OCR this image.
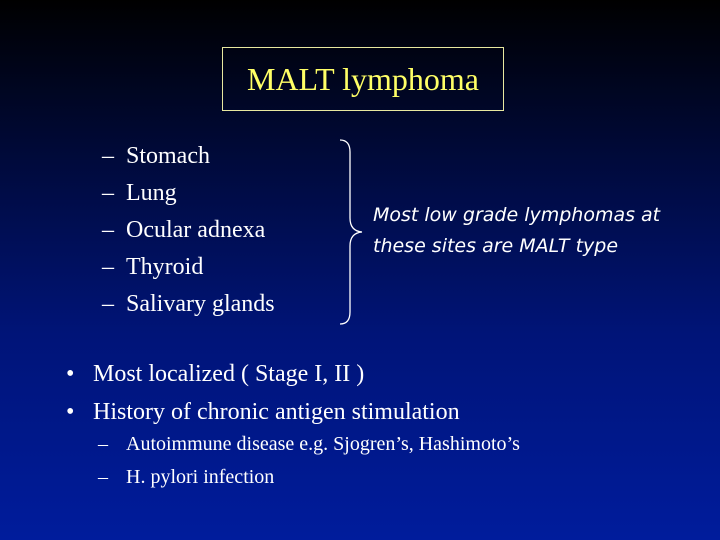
MALT lymphoma
– Stomach
– Lung
– Ocular adnexa
– Thyroid
– Salivary glands

Most low grade lymphomas at
these sites are MALT type

• Most localized ( Stage I, II )
• History of chronic antigen stimulation
– Autoimmune disease e.g. Sjogren’s, Hashimoto’s
– H. pylori infection
